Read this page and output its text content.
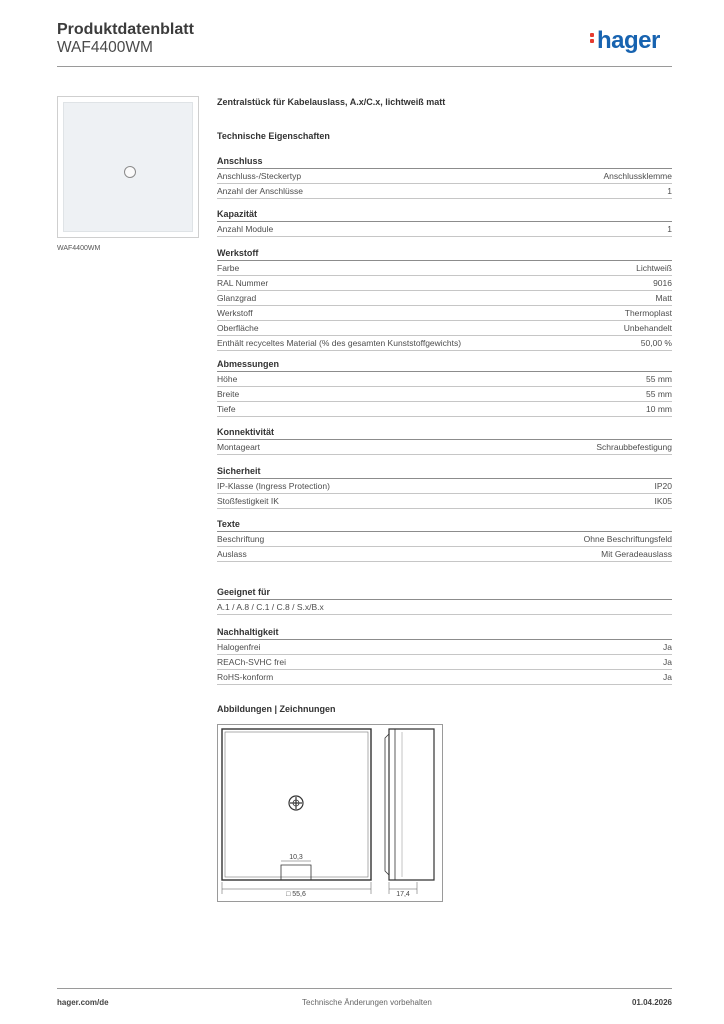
Produktdatenblatt
WAF4400WM	hager
WAF4400WM
Zentralstück für Kabelauslass, A.x/C.x, lichtweiß matt
Technische Eigenschaften
Anschluss
Anschluss-/Steckertyp	Anschlussklemme
Anzahl der Anschlüsse	1
Kapazität
Anzahl Module	1
Werkstoff
Farbe	Lichtweiß
RAL Nummer	9016
Glanzgrad	Matt
Werkstoff	Thermoplast
Oberfläche	Unbehandelt
Enthält recyceltes Material (% des gesamten Kunststoffgewichts)	50,00 %
Abmessungen
Höhe	55 mm
Breite	55 mm
Tiefe	10 mm
Konnektivität
Montageart	Schraubbefestigung
Sicherheit
IP-Klasse (Ingress Protection)	IP20
Stoßfestigkeit IK	IK05
Texte
Beschriftung	Ohne Beschriftungsfeld
Auslass	Mit Geradeauslass
Geeignet für
A.1 / A.8 / C.1 / C.8 / S.x/B.x
Nachhaltigkeit
Halogenfrei	Ja
REACh-SVHC frei	Ja
RoHS-konform	Ja
Abbildungen | Zeichnungen
10,3
□ 55,6	17,4
hager.com/de	Technische Änderungen vorbehalten	01.04.2026
